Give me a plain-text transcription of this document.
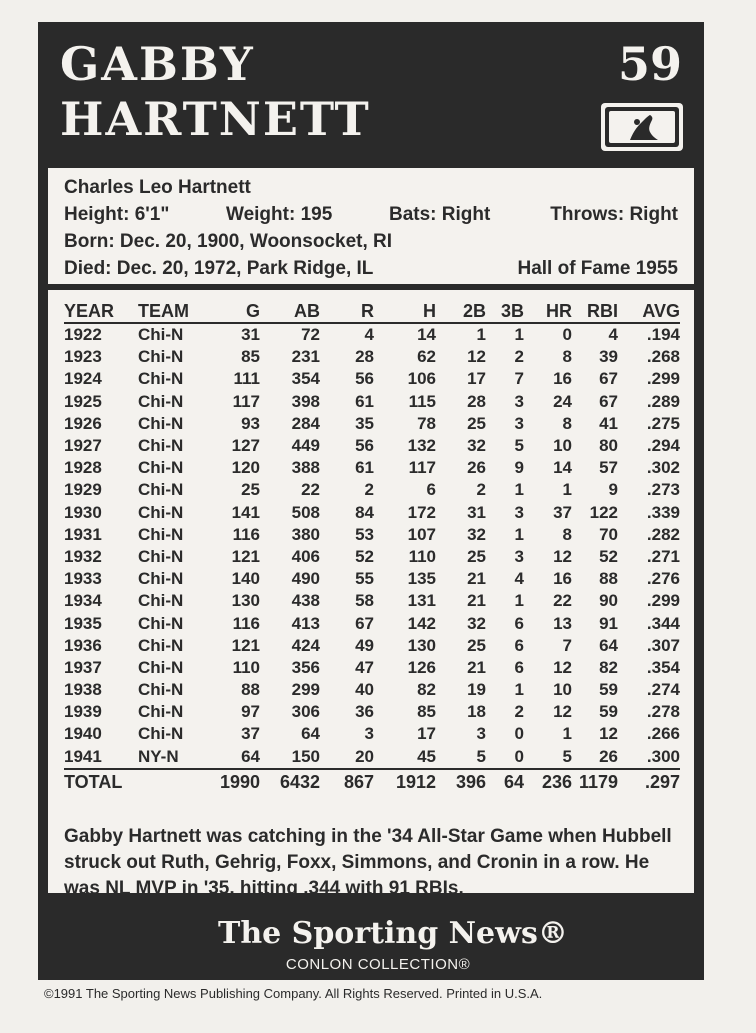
GABBY
HARTNETT
59
Charles Leo Hartnett
Height: 6'1"	Weight: 195	Bats: Right	Throws: Right
Born: Dec. 20, 1900, Woonsocket, RI
Died: Dec. 20, 1972, Park Ridge, IL	Hall of Fame 1955
YEAR	TEAM	G	AB	R	H	2B	3B	HR	RBI	AVG
1922	Chi-N	31	72	4	14	1	1	0	4	.194
1923	Chi-N	85	231	28	62	12	2	8	39	.268
1924	Chi-N	111	354	56	106	17	7	16	67	.299
1925	Chi-N	117	398	61	115	28	3	24	67	.289
1926	Chi-N	93	284	35	78	25	3	8	41	.275
1927	Chi-N	127	449	56	132	32	5	10	80	.294
1928	Chi-N	120	388	61	117	26	9	14	57	.302
1929	Chi-N	25	22	2	6	2	1	1	9	.273
1930	Chi-N	141	508	84	172	31	3	37	122	.339
1931	Chi-N	116	380	53	107	32	1	8	70	.282
1932	Chi-N	121	406	52	110	25	3	12	52	.271
1933	Chi-N	140	490	55	135	21	4	16	88	.276
1934	Chi-N	130	438	58	131	21	1	22	90	.299
1935	Chi-N	116	413	67	142	32	6	13	91	.344
1936	Chi-N	121	424	49	130	25	6	7	64	.307
1937	Chi-N	110	356	47	126	21	6	12	82	.354
1938	Chi-N	88	299	40	82	19	1	10	59	.274
1939	Chi-N	97	306	36	85	18	2	12	59	.278
1940	Chi-N	37	64	3	17	3	0	1	12	.266
1941	NY-N	64	150	20	45	5	0	5	26	.300
TOTAL		1990	6432	867	1912	396	64	236	1179	.297
Gabby Hartnett was catching in the '34 All-Star Game when Hubbell struck out Ruth, Gehrig, Foxx, Simmons, and Cronin in a row. He was NL MVP in '35, hitting .344 with 91 RBIs.
The Sporting News®
CONLON COLLECTION®
©1991 The Sporting News Publishing Company. All Rights Reserved. Printed in U.S.A.
